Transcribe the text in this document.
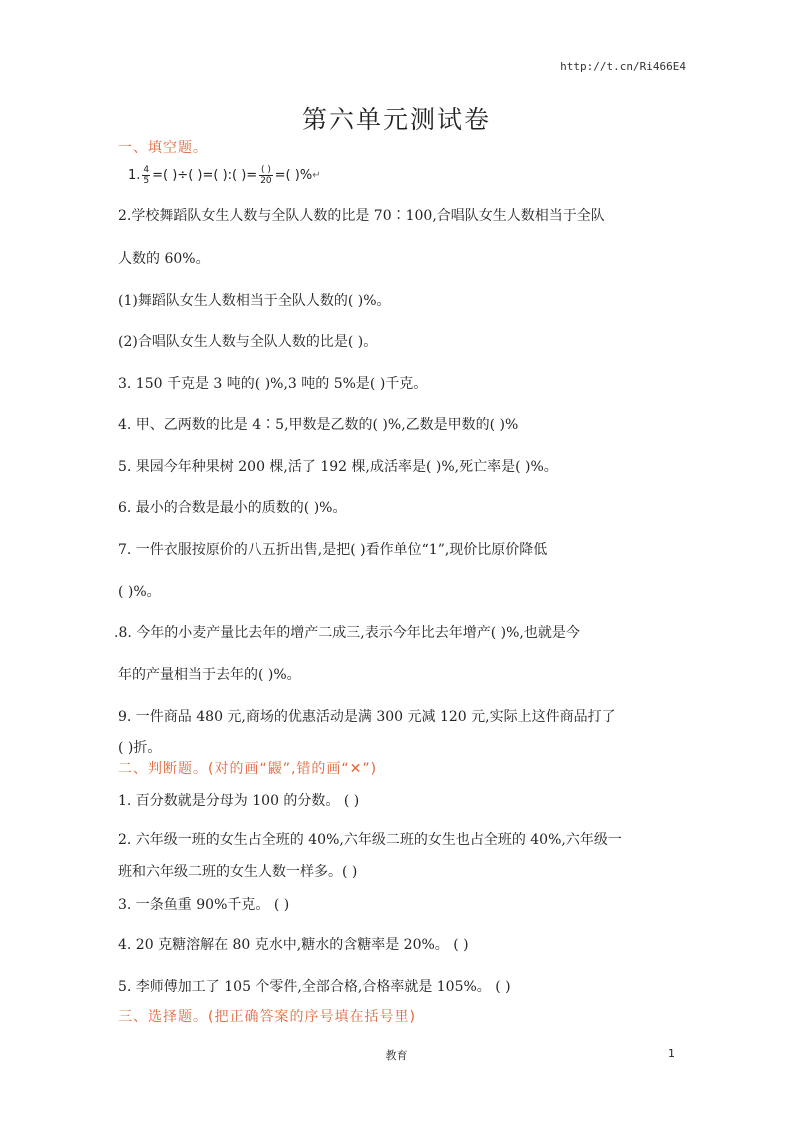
http://t.cn/Ri466E4
第六单元测试卷
一、填空题。
1. $\frac{4}{5}$ =( )÷( )=( ):( )= $\frac{( )}{20}$ =( )%↵
2.学校舞蹈队女生人数与全队人数的比是 70∶100,合唱队女生人数相当于全队
人数的 60%。
(1)舞蹈队女生人数相当于全队人数的( )%。
(2)合唱队女生人数与全队人数的比是( )。
3. 150 千克是 3 吨的( )%,3 吨的 5%是( )千克。
4. 甲、乙两数的比是 4∶5,甲数是乙数的( )%,乙数是甲数的( )%
5. 果园今年种果树 200 棵,活了 192 棵,成活率是( )%,死亡率是( )%。
6. 最小的合数是最小的质数的( )%。
7. 一件衣服按原价的八五折出售,是把( )看作单位“1”,现价比原价降低
( )%。
.8. 今年的小麦产量比去年的增产二成三,表示今年比去年增产( )%,也就是今
年的产量相当于去年的( )%。
9. 一件商品 480 元,商场的优惠活动是满 300 元减 120 元,实际上这件商品打了
( )折。
二、判断题。(对的画“鼹”,错的画“✕”)
1. 百分数就是分母为 100 的分数。 ( )
2. 六年级一班的女生占全班的 40%,六年级二班的女生也占全班的 40%,六年级一
班和六年级二班的女生人数一样多。( )
3. 一条鱼重 90%千克。 ( )
4. 20 克糖溶解在 80 克水中,糖水的含糖率是 20%。 ( )
5. 李师傅加工了 105 个零件,全部合格,合格率就是 105%。 ( )
三、选择题。(把正确答案的序号填在括号里)
教育	1
